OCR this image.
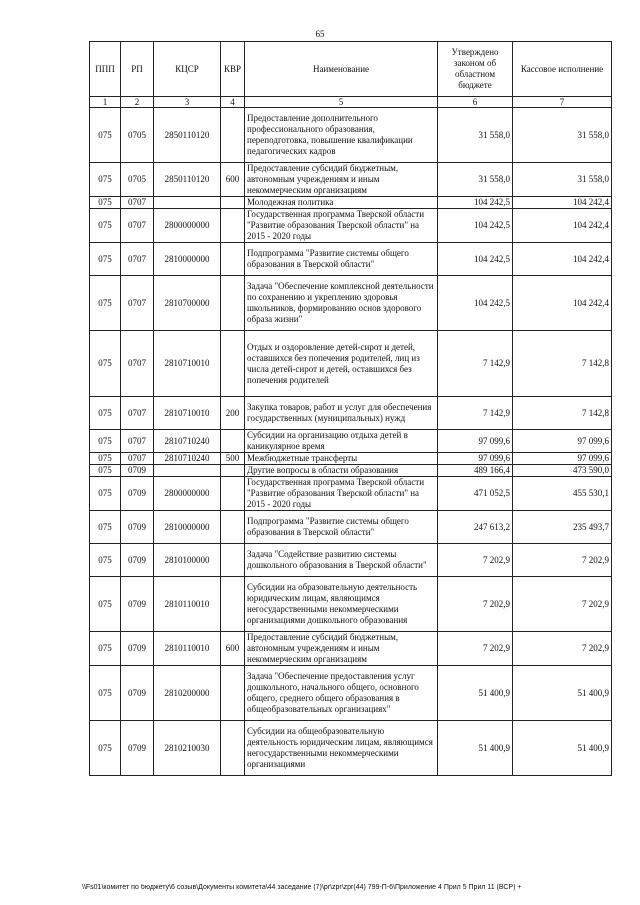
65
ППП	РП	КЦСР	КВР	Наименование	Утверждено законом об областном бюджете	Кассовое исполнение
1	2	3	4	5	6	7
075	0705	2850110120		Предоставление дополнительного профессионального образования, переподготовка, повышение квалификации педагогических кадров	31 558,0	31 558,0
075	0705	2850110120	600	Предоставление субсидий бюджетным, автономным учреждениям и иным некоммерческим организациям	31 558,0	31 558,0
075	0707			Молодежная политика	104 242,5	104 242,4
075	0707	2800000000		Государственная программа Тверской области "Развитие образования Тверской области" на 2015 - 2020 годы	104 242,5	104 242,4
075	0707	2810000000		Подпрограмма "Развитие системы общего образования в Тверской области"	104 242,5	104 242,4
075	0707	2810700000		Задача "Обеспечение комплексной деятельности по сохранению и укреплению здоровья школьников, формированию основ здорового образа жизни"	104 242,5	104 242,4
075	0707	2810710010		Отдых и оздоровление детей-сирот и детей, оставшихся без попечения родителей, лиц из числа детей-сирот и детей, оставшихся без попечения родителей	7 142,9	7 142,8
075	0707	2810710010	200	Закупка товаров, работ и услуг для обеспечения государственных (муниципальных) нужд	7 142,9	7 142,8
075	0707	2810710240		Субсидии на организацию отдыха детей в каникулярное время	97 099,6	97 099,6
075	0707	2810710240	500	Межбюджетные трансферты	97 099,6	97 099,6
075	0709			Другие вопросы в области образования	489 166,4	473 590,0
075	0709	2800000000		Государственная программа Тверской области "Развитие образования Тверской области" на 2015 - 2020 годы	471 052,5	455 530,1
075	0709	2810000000		Подпрограмма "Развитие системы общего образования в Тверской области"	247 613,2	235 493,7
075	0709	2810100000		Задача "Содействие развитию системы дошкольного образования в Тверской области"	7 202,9	7 202,9
075	0709	2810110010		Субсидии на образовательную деятельность юридическим лицам, являющимся негосударственными некоммерческими организациями дошкольного образования	7 202,9	7 202,9
075	0709	2810110010	600	Предоставление субсидий бюджетным, автономным учреждениям и иным некоммерческим организациям	7 202,9	7 202,9
075	0709	2810200000		Задача "Обеспечение предоставления услуг дошкольного, начального общего, основного общего, среднего общего образования в общеобразовательных организациях"	51 400,9	51 400,9
075	0709	2810210030		Субсидии на общеобразовательную деятельность юридическим лицам, являющимся негосударственными некоммерческими организациями	51 400,9	51 400,9
\\Fs01\комитет по бюджету\6 созыв\Документы комитета\44 заседание (7)\pr\zpr\zpr(44) 799-П-6\Приложение 4 Прил 5 Прил 11 (ВСР) +
